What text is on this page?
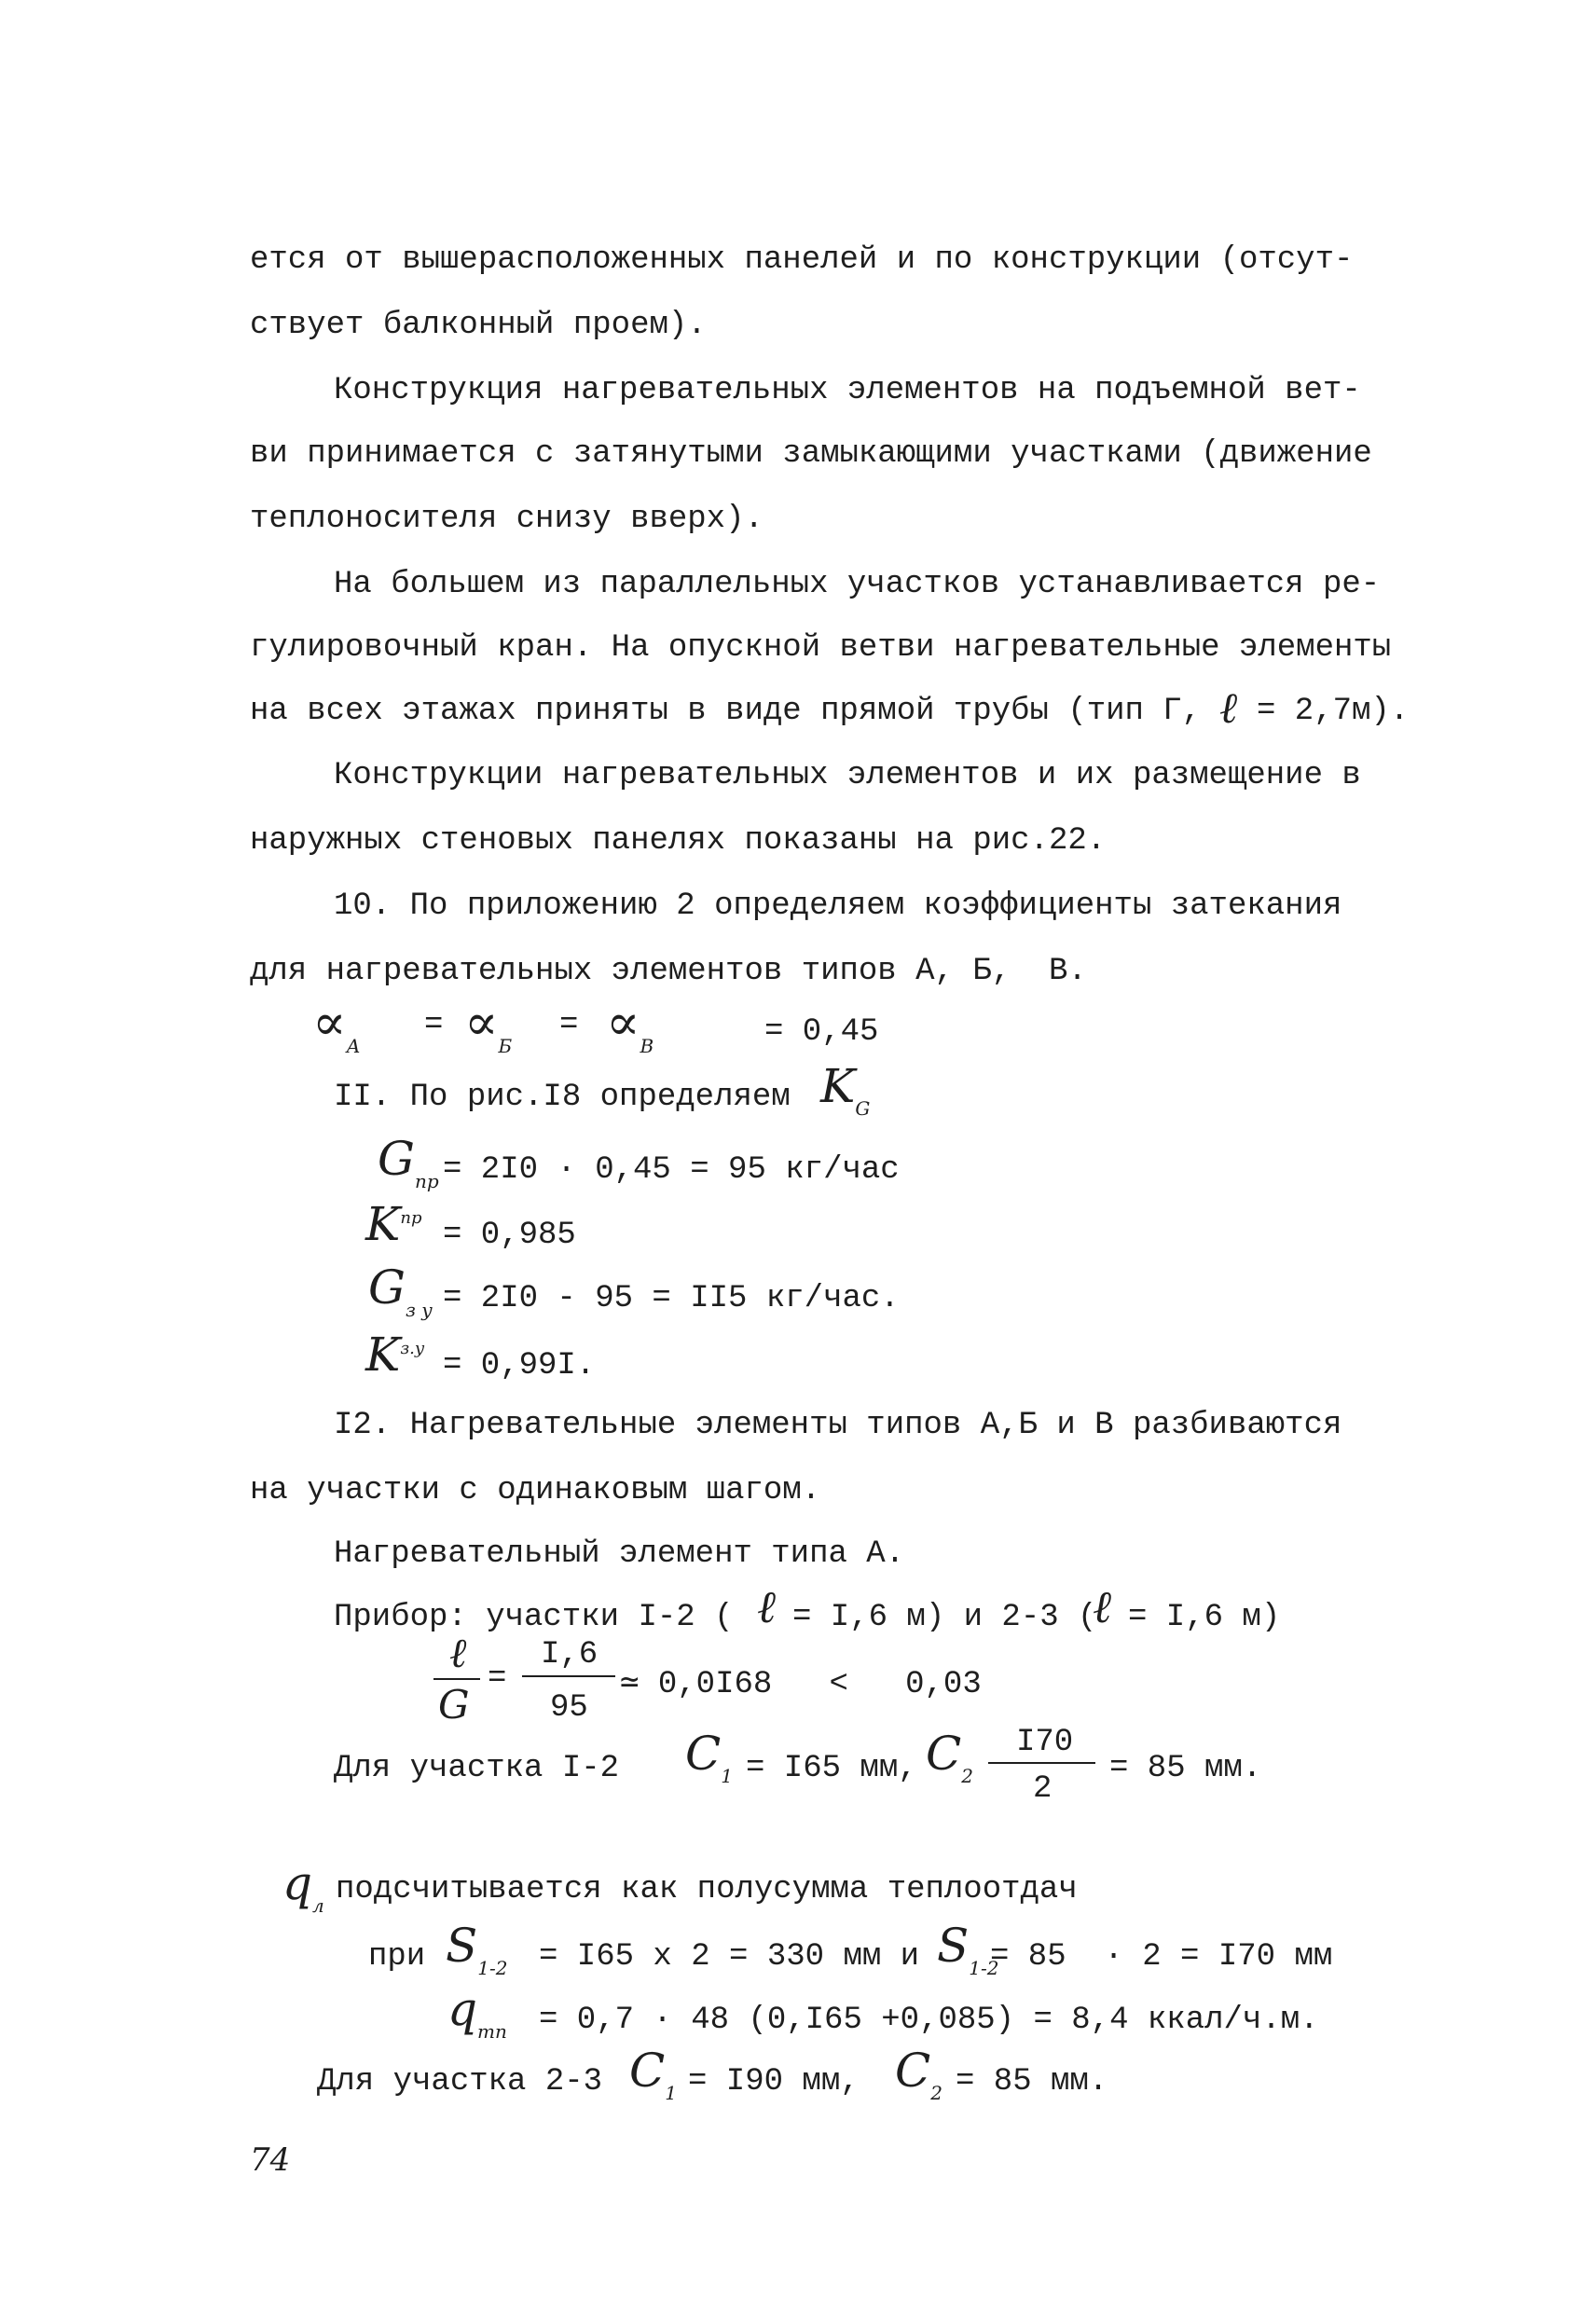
ется от вышерасположенных панелей и по конструкции (отсут-
ствует балконный проем).
Конструкция нагревательных элементов на подъемной вет-
ви принимается с затянутыми замыкающими участками (движение
теплоносителя снизу вверх).
На большем из параллельных участков устанавливается ре-
гулировочный кран. На опускной ветви нагревательные элементы
на всех этажах приняты в виде прямой трубы (тип Г, ℓ = 2,7м).
Конструкции нагревательных элементов и их размещение в
наружных стеновых панелях показаны на рис.22.
10. По приложению 2 определяем коэффициенты затекания
для нагревательных элементов типов А, Б,  В.
$\propto_А$
= $\propto_Б$
= $\propto_В$	= 0,45
II. По рис.I8 определяем $K_G$
$G_{пр} = 2I0 \cdot 0,45 = 95$ кг/час
$K^{пр} = 0,985$
$G_{з у} = 2I0 - 95 = II5$ кг/час.
$K^{з.у} = 0,99I$.
I2. Нагревательные элементы типов А,Б и В разбиваются
на участки с одинаковым шагом.
Нагревательный элемент типа А.
Прибор: участки I-2 ( ℓ = I,6 м) и 2-3 (
ℓ = I,6 м)
ℓ
G
=
I,6
95
≃ 0,0I68   <   0,03
Для участка I-2 $C_1 = I65$ мм, $C_2$
I70
2
= 85 мм.
$q_л$ подсчитывается как полусумма теплоотдач
при $S_{1-2} = I65$ x 2 = 330 мм и $S_{1-2}$
= 85  · 2 = I70 мм
$q_{тп} = 0,7 \cdot 48$ (0,I65 +0,085) = 8,4 ккал/ч.м.
Для участка 2-3 $C_1 = I90$ мм, $C_2 = 85$ мм.
74
